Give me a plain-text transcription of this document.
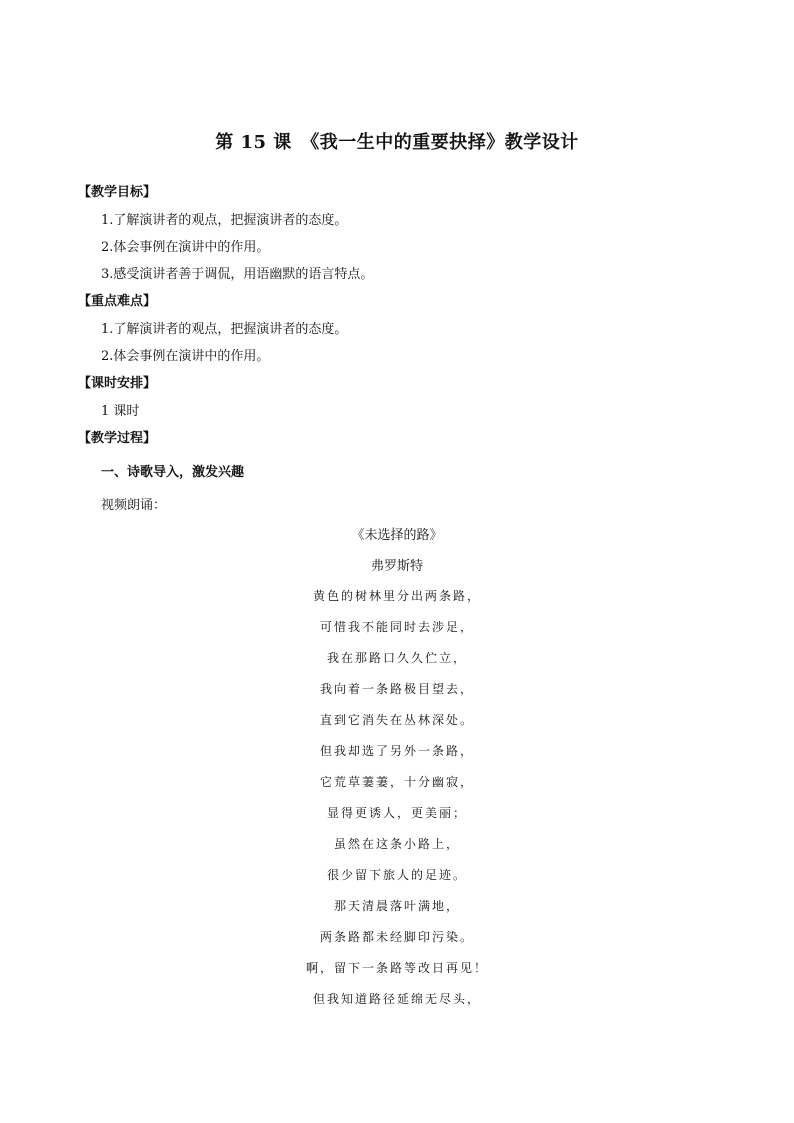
第 15 课　《我一生中的重要抉择》教学设计
【教学目标】
1.了解演讲者的观点，把握演讲者的态度。
2.体会事例在演讲中的作用。
3.感受演讲者善于调侃，用语幽默的语言特点。
【重点难点】
1.了解演讲者的观点，把握演讲者的态度。
2.体会事例在演讲中的作用。
【课时安排】
1 课时
【教学过程】
一、诗歌导入，激发兴趣
视频朗诵：
《未选择的路》
弗罗斯特
黄色的树林里分出两条路，
可惜我不能同时去涉足，
我在那路口久久伫立，
我向着一条路极目望去，
直到它消失在丛林深处。
但我却选了另外一条路，
它荒草萋萋，十分幽寂，
显得更诱人，更美丽；
虽然在这条小路上，
很少留下旅人的足迹。
那天清晨落叶满地，
两条路都未经脚印污染。
啊，留下一条路等改日再见！
但我知道路径延绵无尽头，
